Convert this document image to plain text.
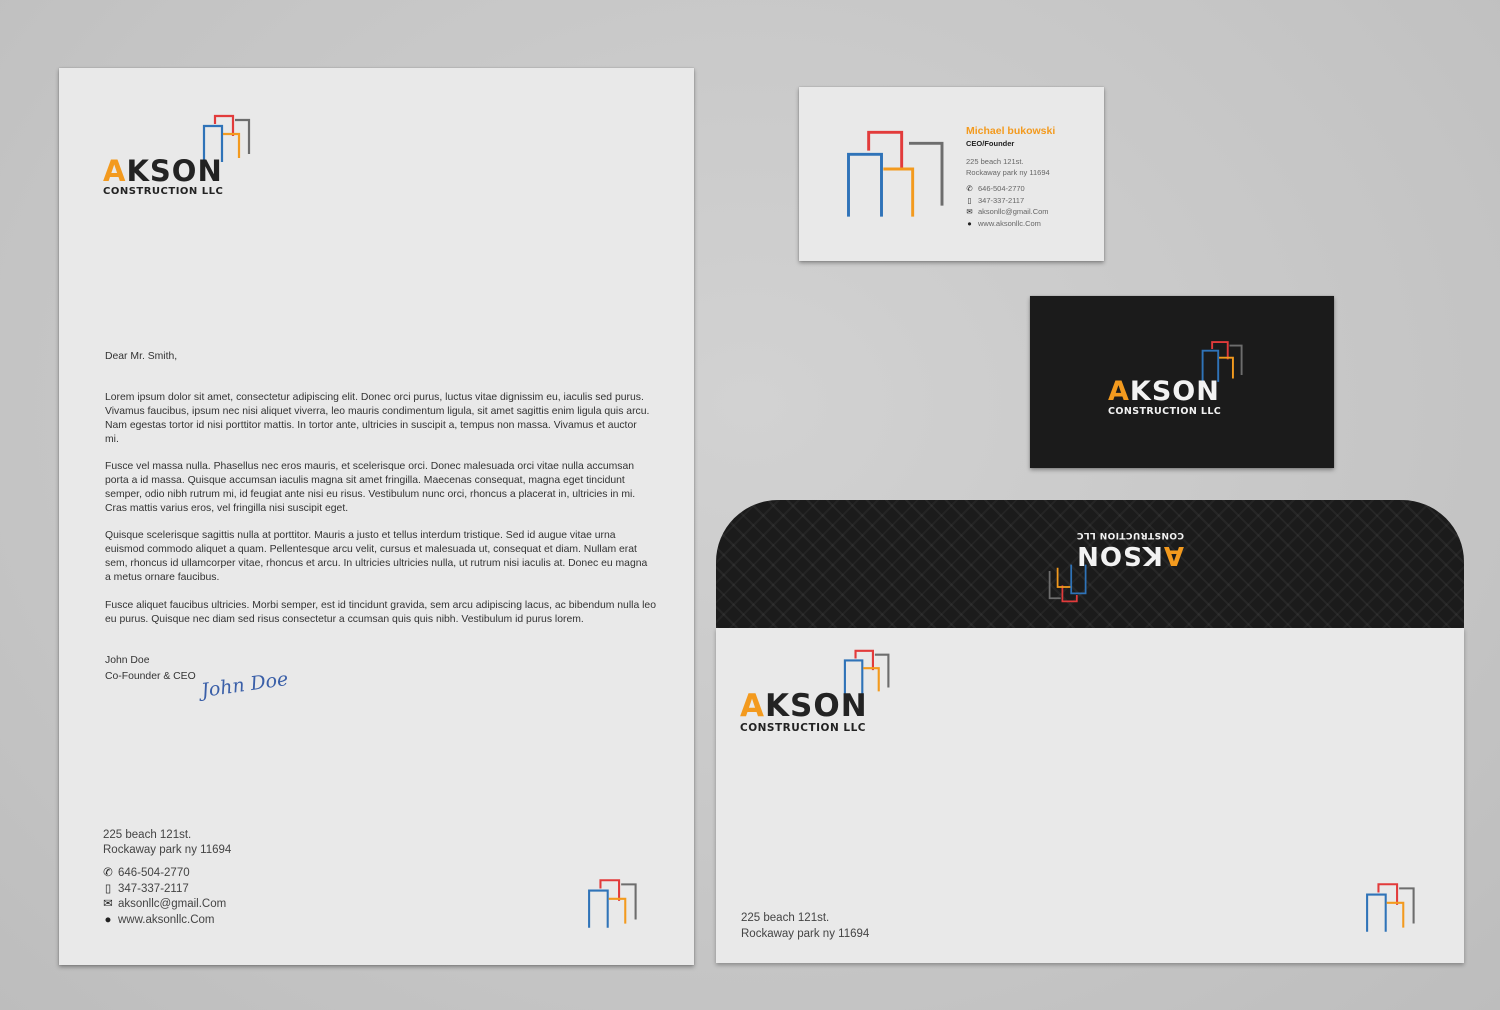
AKSON
CONSTRUCTION LLC
Dear Mr. Smith,
Lorem ipsum dolor sit amet, consectetur adipiscing elit. Donec orci purus, luctus vitae dignissim eu, iaculis sed purus. Vivamus faucibus, ipsum nec nisi aliquet viverra, leo mauris condimentum ligula, sit amet sagittis enim ligula quis arcu. Nam egestas tortor id nisi porttitor mattis. In tortor ante, ultricies in suscipit a, tempus non massa. Vivamus et auctor mi.
Fusce vel massa nulla. Phasellus nec eros mauris, et scelerisque orci. Donec malesuada orci vitae nulla accumsan porta a id massa. Quisque accumsan iaculis magna sit amet fringilla. Maecenas consequat, magna eget tincidunt semper, odio nibh rutrum mi, id feugiat ante nisi eu risus. Vestibulum nunc orci, rhoncus a placerat in, ultricies in mi. Cras mattis varius eros, vel fringilla nisi suscipit eget.
Quisque scelerisque sagittis nulla at porttitor. Mauris a justo et tellus interdum tristique. Sed id augue vitae urna euismod commodo aliquet a quam. Pellentesque arcu velit, cursus et malesuada ut, consequat et diam. Nullam erat sem, rhoncus id ullamcorper vitae, rhoncus et arcu. In ultricies ultricies nulla, ut rutrum nisi iaculis at. Donec eu magna a metus ornare faucibus.
Fusce aliquet faucibus ultricies. Morbi semper, est id tincidunt gravida, sem arcu adipiscing lacus, ac bibendum nulla leo eu purus. Quisque nec diam sed risus consectetur a ccumsan quis quis nibh. Vestibulum id purus lorem.
John Doe
Co-Founder & CEO John Doe
225 beach 121st.
Rockaway park ny 11694
✆ 646-504-2770
▯ 347-337-2117
✉ aksonllc@gmail.Com
● www.aksonllc.Com
Michael bukowski
CEO/Founder
225 beach 121st.
Rockaway park ny 11694
✆ 646-504-2770
▯ 347-337-2117
✉ aksonllc@gmail.Com
● www.aksonllc.Com
AKSON
CONSTRUCTION LLC
AKSON
CONSTRUCTION LLC
AKSON
CONSTRUCTION LLC
225 beach 121st.
Rockaway park ny 11694
